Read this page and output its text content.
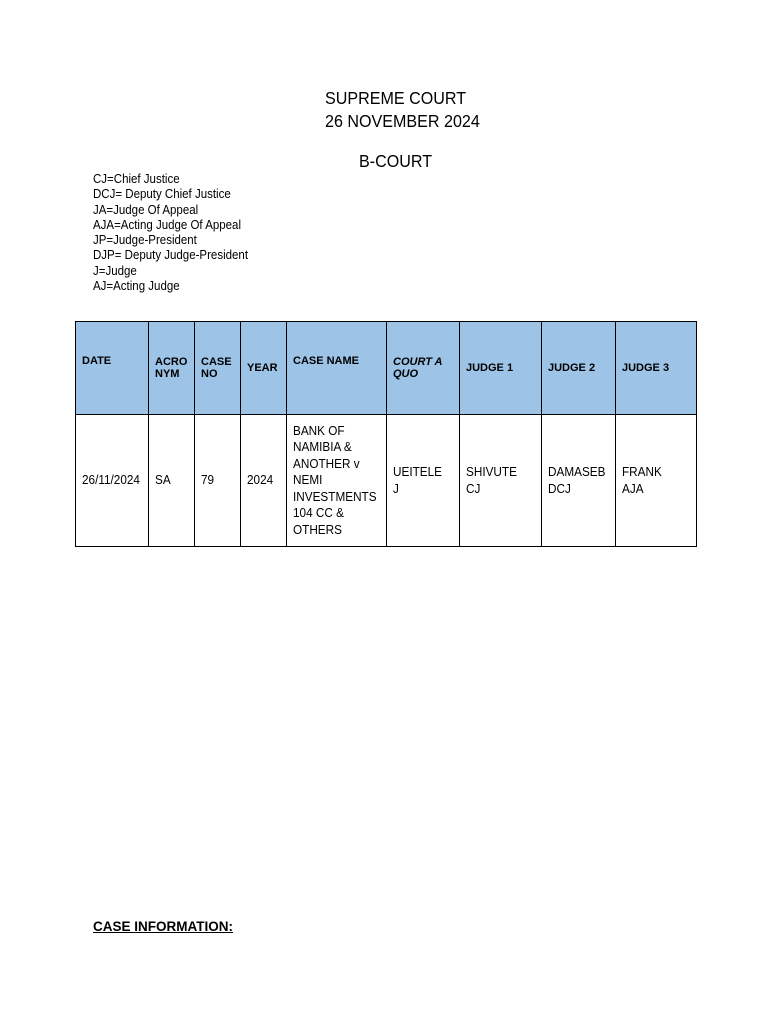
SUPREME COURT
26 NOVEMBER 2024
B-COURT
CJ=Chief Justice
DCJ= Deputy Chief Justice
JA=Judge Of Appeal
AJA=Acting Judge Of Appeal
JP=Judge-President
DJP= Deputy Judge-President
J=Judge
AJ=Acting Judge
DATE	ACRO NYM	CASE NO	YEAR	CASE NAME	COURT A QUO	JUDGE 1	JUDGE 2	JUDGE 3

26/11/2024	SA	79	2024	BANK OF NAMIBIA & ANOTHER v NEMI INVESTMENTS 104 CC & OTHERS	UEITELE J	SHIVUTE CJ	DAMASEB DCJ	FRANK AJA
CASE INFORMATION:
